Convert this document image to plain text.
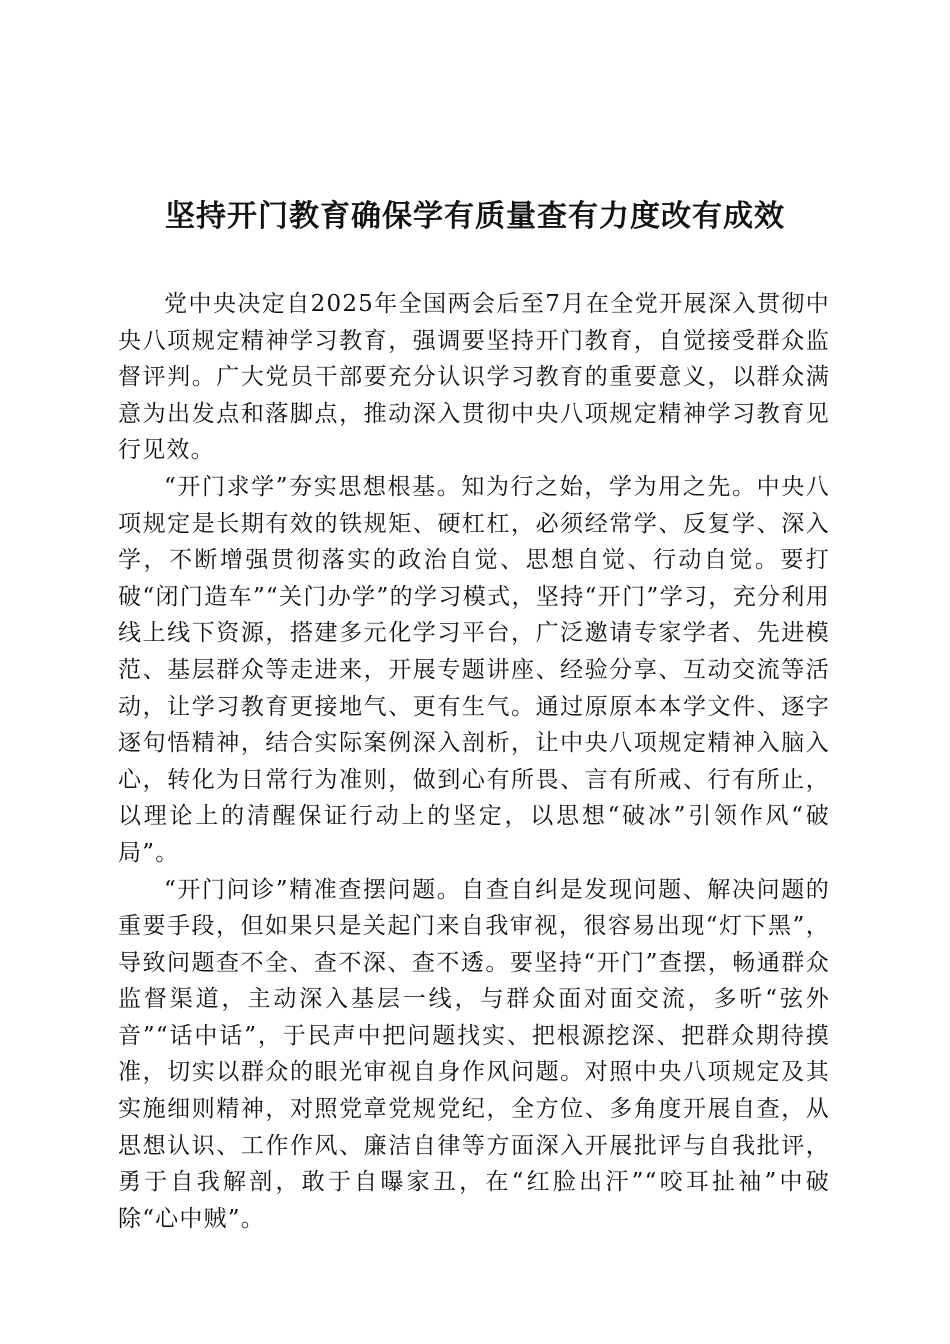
坚持开门教育确保学有质量查有力度改有成效

党中央决定自2025年全国两会后至7月在全党开展深入贯彻中央八项规定精神学习教育，强调要坚持开门教育，自觉接受群众监督评判。广大党员干部要充分认识学习教育的重要意义，以群众满意为出发点和落脚点，推动深入贯彻中央八项规定精神学习教育见行见效。

“开门求学”夯实思想根基。知为行之始，学为用之先。中央八项规定是长期有效的铁规矩、硬杠杠，必须经常学、反复学、深入学，不断增强贯彻落实的政治自觉、思想自觉、行动自觉。要打破“闭门造车”“关门办学”的学习模式，坚持“开门”学习，充分利用线上线下资源，搭建多元化学习平台，广泛邀请专家学者、先进模范、基层群众等走进来，开展专题讲座、经验分享、互动交流等活动，让学习教育更接地气、更有生气。通过原原本本学文件、逐字逐句悟精神，结合实际案例深入剖析，让中央八项规定精神入脑入心，转化为日常行为准则，做到心有所畏、言有所戒、行有所止，以理论上的清醒保证行动上的坚定，以思想“破冰”引领作风“破局”。

“开门问诊”精准查摆问题。自查自纠是发现问题、解决问题的重要手段，但如果只是关起门来自我审视，很容易出现“灯下黑”，导致问题查不全、查不深、查不透。要坚持“开门”查摆，畅通群众监督渠道，主动深入基层一线，与群众面对面交流，多听“弦外音”“话中话”，于民声中把问题找实、把根源挖深、把群众期待摸准，切实以群众的眼光审视自身作风问题。对照中央八项规定及其实施细则精神，对照党章党规党纪，全方位、多角度开展自查，从思想认识、工作作风、廉洁自律等方面深入开展批评与自我批评，勇于自我解剖，敢于自曝家丑，在“红脸出汗”“咬耳扯袖”中破除“心中贼”。
